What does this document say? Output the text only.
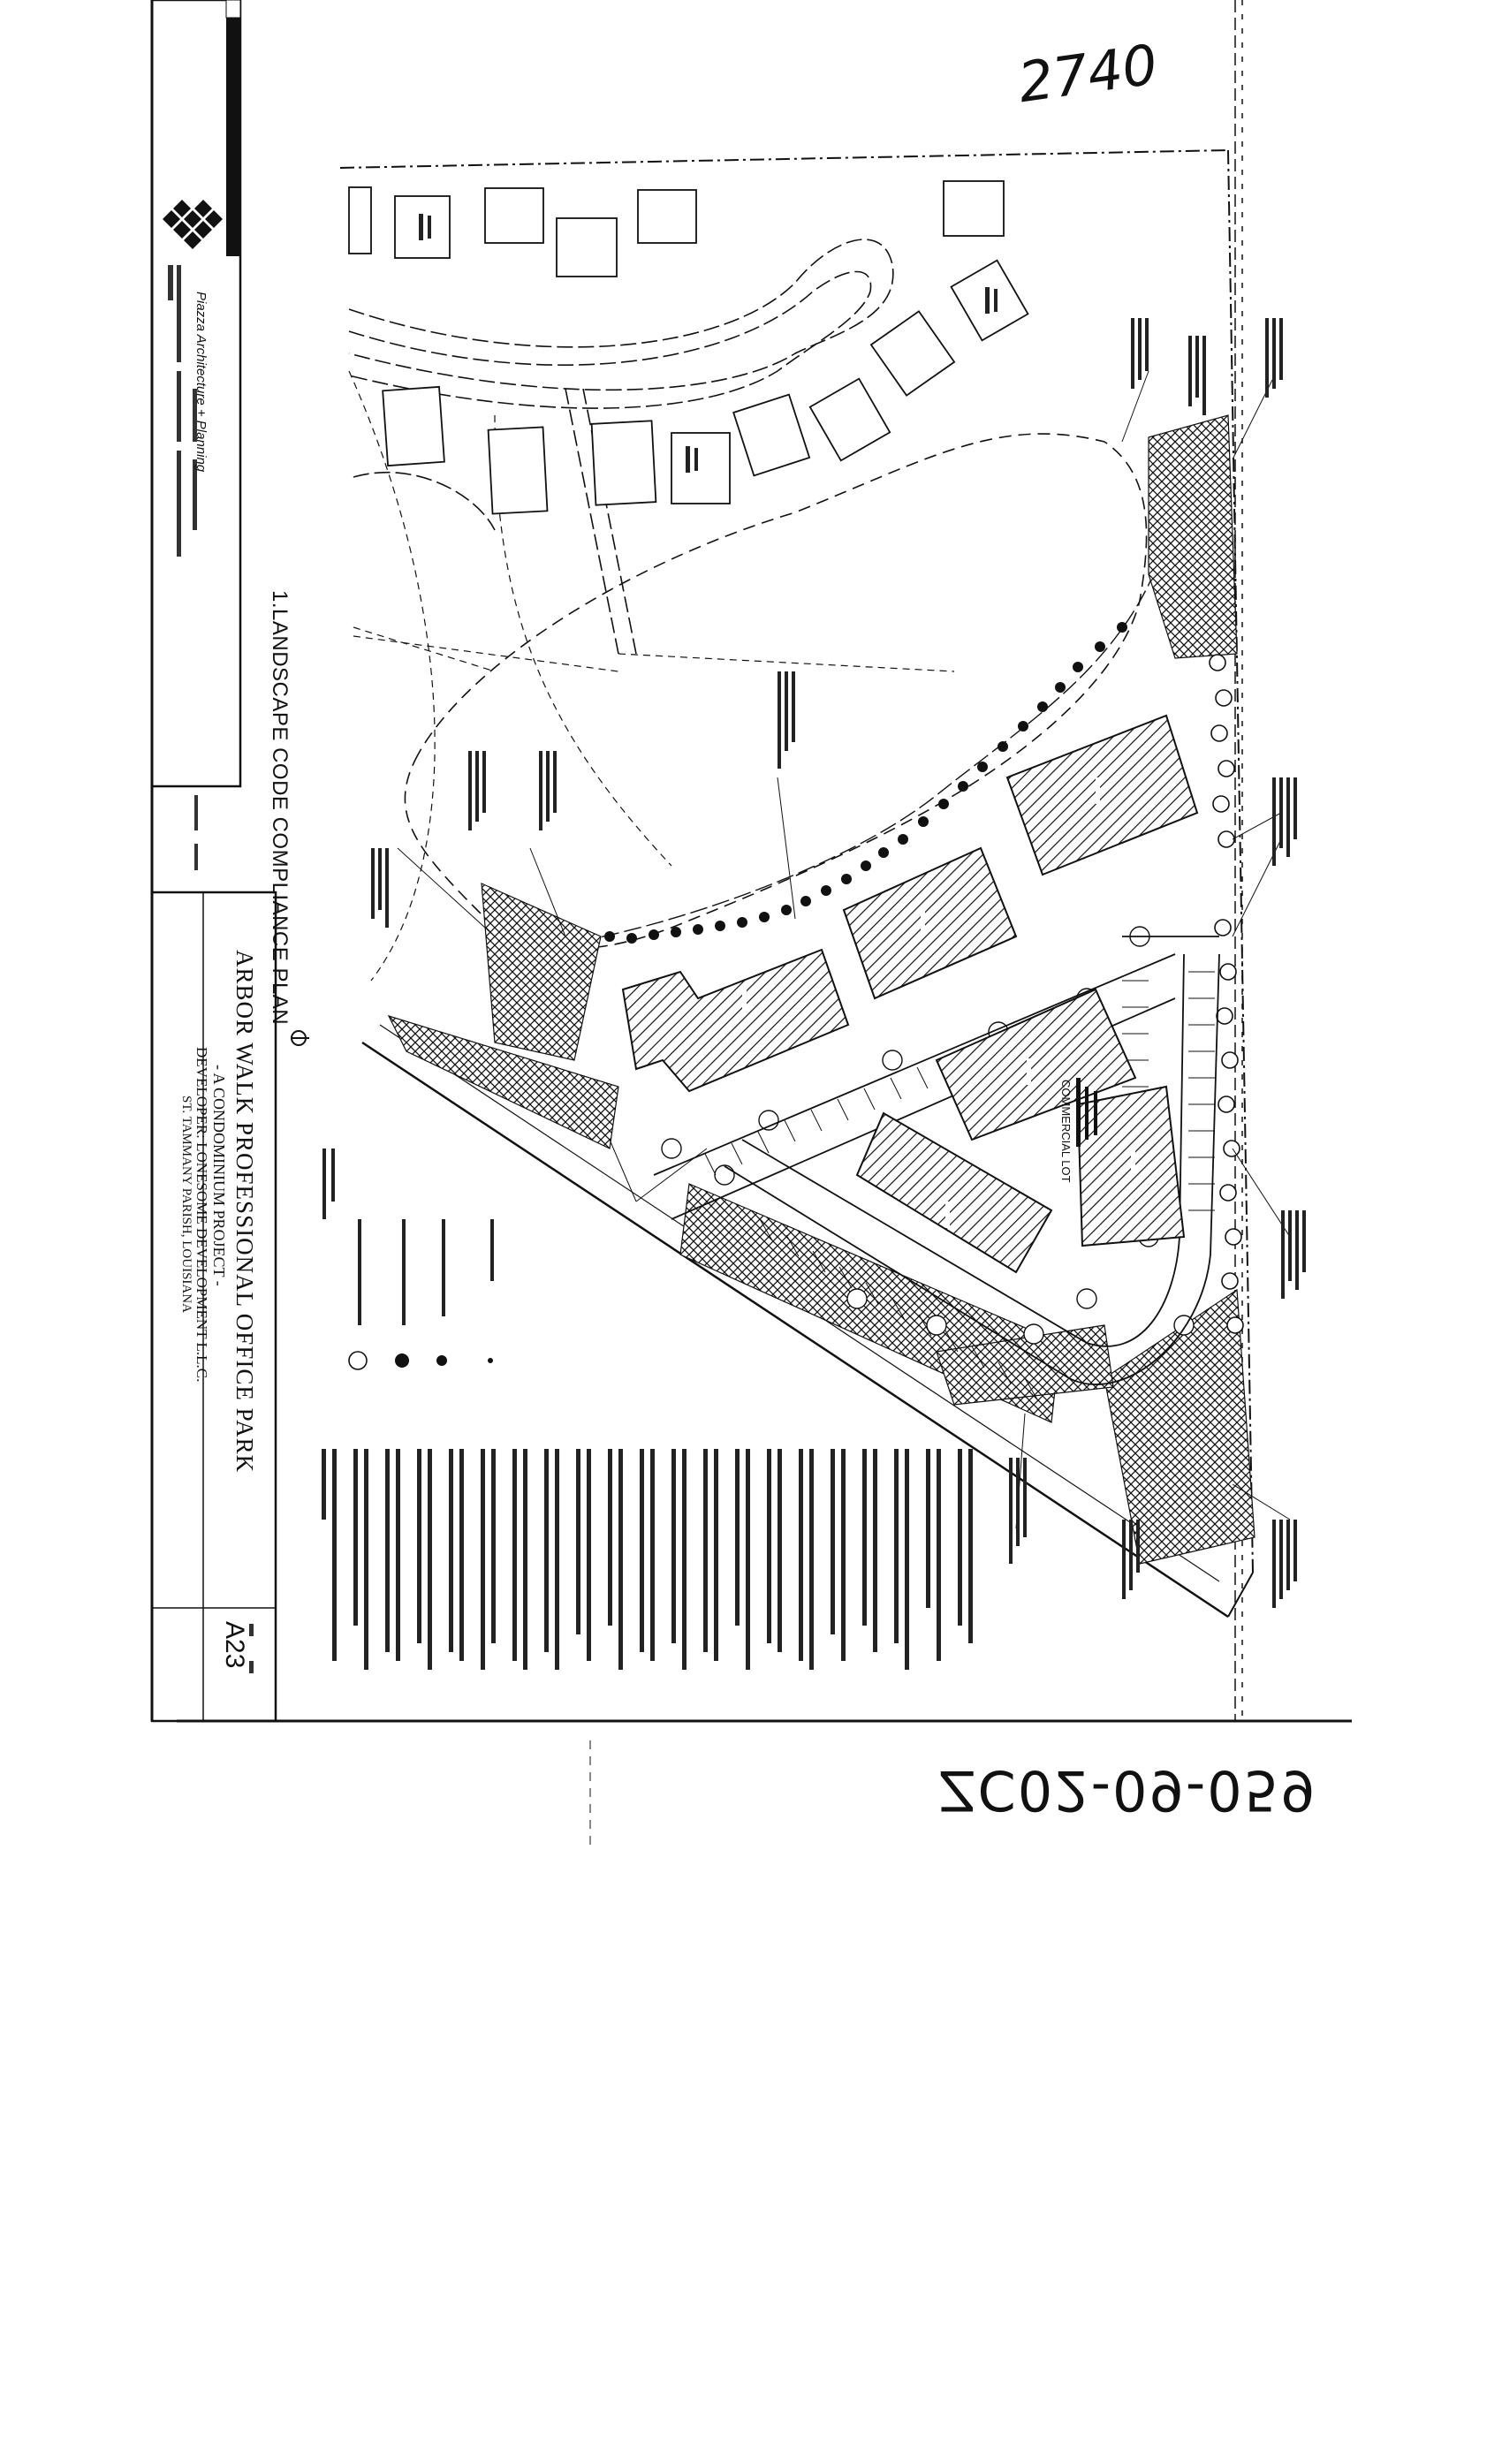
1.LANDSCAPE CODE COMPLIANCE PLAN
Piazza Architecture + Planning
ARBOR WALK PROFESSIONAL OFFICE PARK
- A CONDOMINIUM PROJECT -
DEVELOPER: LONESOME DEVELOPMENT L.L.C.
ST. TAMMANY PARISH, LOUISIANA
A23
COMMERCIAL LOT
2740
ZC02-09-059
